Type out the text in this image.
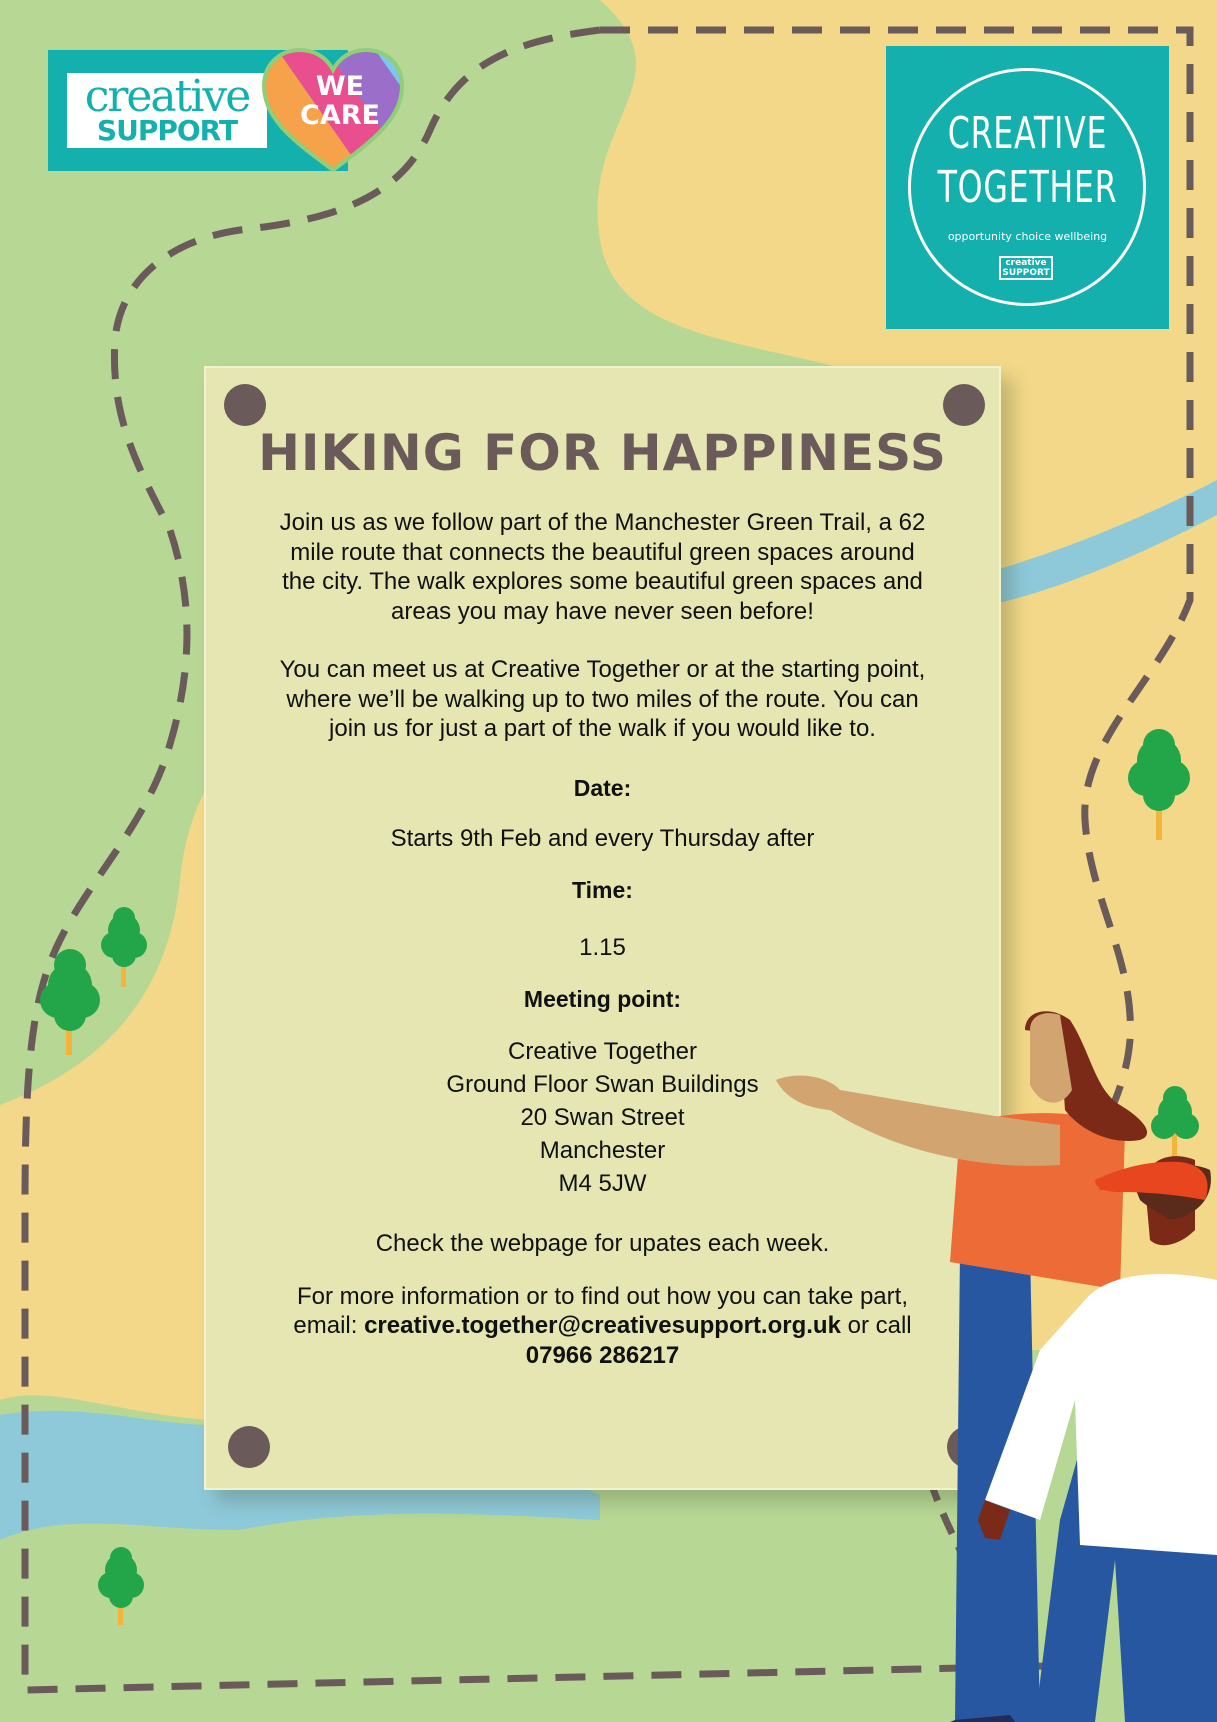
creative
SUPPORT
WE
CARE	CREATIVE
TOGETHER
opportunity choice wellbeing
creative
SUPPORT
HIKING FOR HAPPINESS
Join us as we follow part of the Manchester Green Trail, a 62
mile route that connects the beautiful green spaces around
the city. The walk explores some beautiful green spaces and
areas you may have never seen before!
You can meet us at Creative Together or at the starting point,
where we’ll be walking up to two miles of the route. You can
join us for just a part of the walk if you would like to.
Date:
Starts 9th Feb and every Thursday after
Time:
1.15
Meeting point:
Creative Together
Ground Floor Swan Buildings
20 Swan Street
Manchester
M4 5JW
Check the webpage for upates each week.
For more information or to find out how you can take part,
email: creative.together@creativesupport.org.uk or call
07966 286217
